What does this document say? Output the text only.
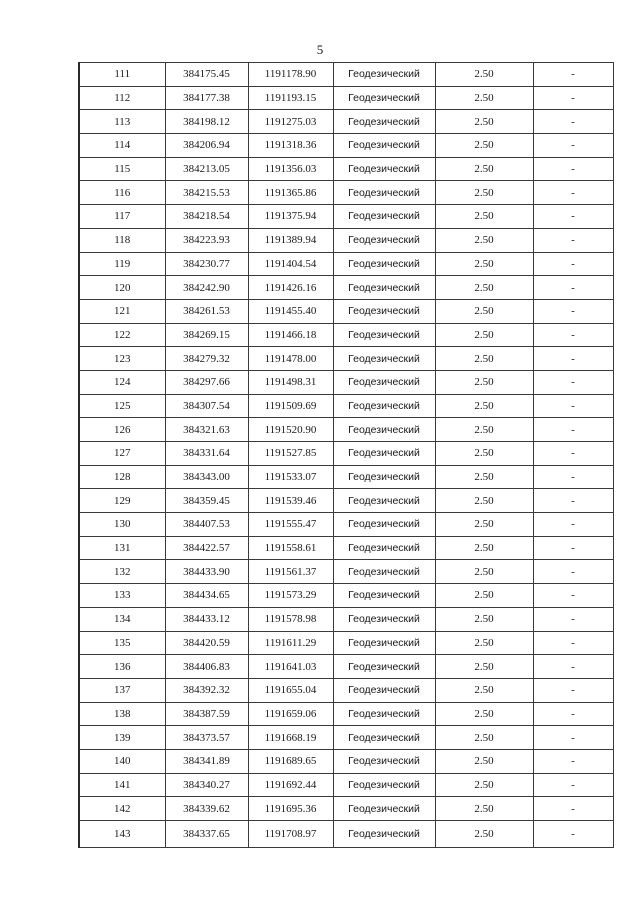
5
111	384175.45	1191178.90	Геодезический	2.50	-
112	384177.38	1191193.15	Геодезический	2.50	-
113	384198.12	1191275.03	Геодезический	2.50	-
114	384206.94	1191318.36	Геодезический	2.50	-
115	384213.05	1191356.03	Геодезический	2.50	-
116	384215.53	1191365.86	Геодезический	2.50	-
117	384218.54	1191375.94	Геодезический	2.50	-
118	384223.93	1191389.94	Геодезический	2.50	-
119	384230.77	1191404.54	Геодезический	2.50	-
120	384242.90	1191426.16	Геодезический	2.50	-
121	384261.53	1191455.40	Геодезический	2.50	-
122	384269.15	1191466.18	Геодезический	2.50	-
123	384279.32	1191478.00	Геодезический	2.50	-
124	384297.66	1191498.31	Геодезический	2.50	-
125	384307.54	1191509.69	Геодезический	2.50	-
126	384321.63	1191520.90	Геодезический	2.50	-
127	384331.64	1191527.85	Геодезический	2.50	-
128	384343.00	1191533.07	Геодезический	2.50	-
129	384359.45	1191539.46	Геодезический	2.50	-
130	384407.53	1191555.47	Геодезический	2.50	-
131	384422.57	1191558.61	Геодезический	2.50	-
132	384433.90	1191561.37	Геодезический	2.50	-
133	384434.65	1191573.29	Геодезический	2.50	-
134	384433.12	1191578.98	Геодезический	2.50	-
135	384420.59	1191611.29	Геодезический	2.50	-
136	384406.83	1191641.03	Геодезический	2.50	-
137	384392.32	1191655.04	Геодезический	2.50	-
138	384387.59	1191659.06	Геодезический	2.50	-
139	384373.57	1191668.19	Геодезический	2.50	-
140	384341.89	1191689.65	Геодезический	2.50	-
141	384340.27	1191692.44	Геодезический	2.50	-
142	384339.62	1191695.36	Геодезический	2.50	-
143	384337.65	1191708.97	Геодезический	2.50	-
